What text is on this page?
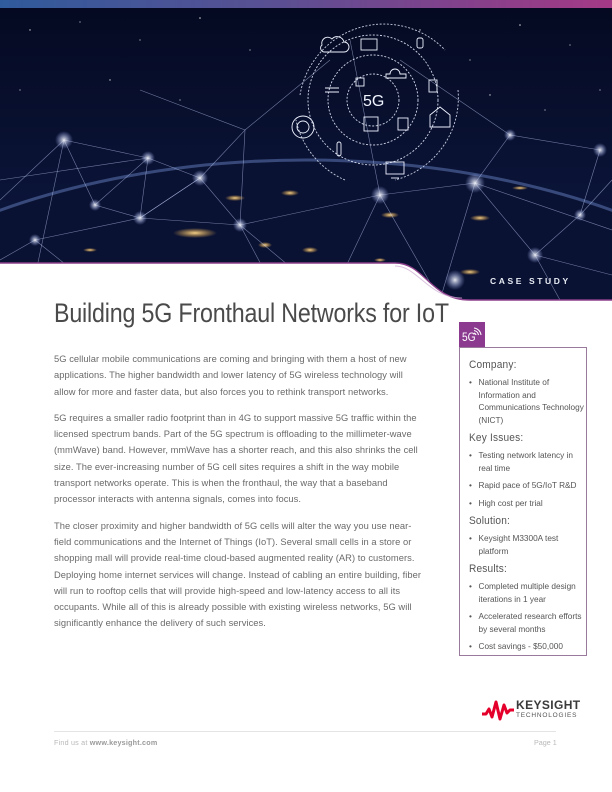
5G
CASE STUDY
Building 5G Fronthaul Networks for IoT

5G cellular mobile communications are coming and bringing with them a host of new applications. The higher bandwidth and lower latency of 5G wireless technology will allow for more and faster data, but also forces you to rethink transport networks.

5G requires a smaller radio footprint than in 4G to support massive 5G traffic within the licensed spectrum bands. Part of the 5G spectrum is offloading to the millimeter-wave (mmWave) band. However, mmWave has a shorter reach, and this also shrinks the cell size. The ever-increasing number of 5G cell sites requires a shift in the way mobile transport networks operate. This is when the fronthaul, the way that a baseband processor interacts with antenna signals, comes into focus.

The closer proximity and higher bandwidth of 5G cells will alter the way you use near-field communications and the Internet of Things (IoT). Several small cells in a store or shopping mall will provide real-time cloud-based augmented reality (AR) to customers. Deploying home internet services will change. Instead of cabling an entire building, fiber will run to rooftop cells that will provide high-speed and low-latency access to all its occupants. While all of this is already possible with existing wireless networks, 5G will significantly enhance the delivery of such services.

5G
Company:
• National Institute of Information and Communications Technology (NICT)
Key Issues:
• Testing network latency in real time
• Rapid pace of 5G/IoT R&D
• High cost per trial
Solution:
• Keysight M3300A test platform
Results:
• Completed multiple design iterations in 1 year
• Accelerated research efforts by several months
• Cost savings - $50,000
KEYSIGHT
TECHNOLOGIES
Find us at www.keysight.com	Page 1
